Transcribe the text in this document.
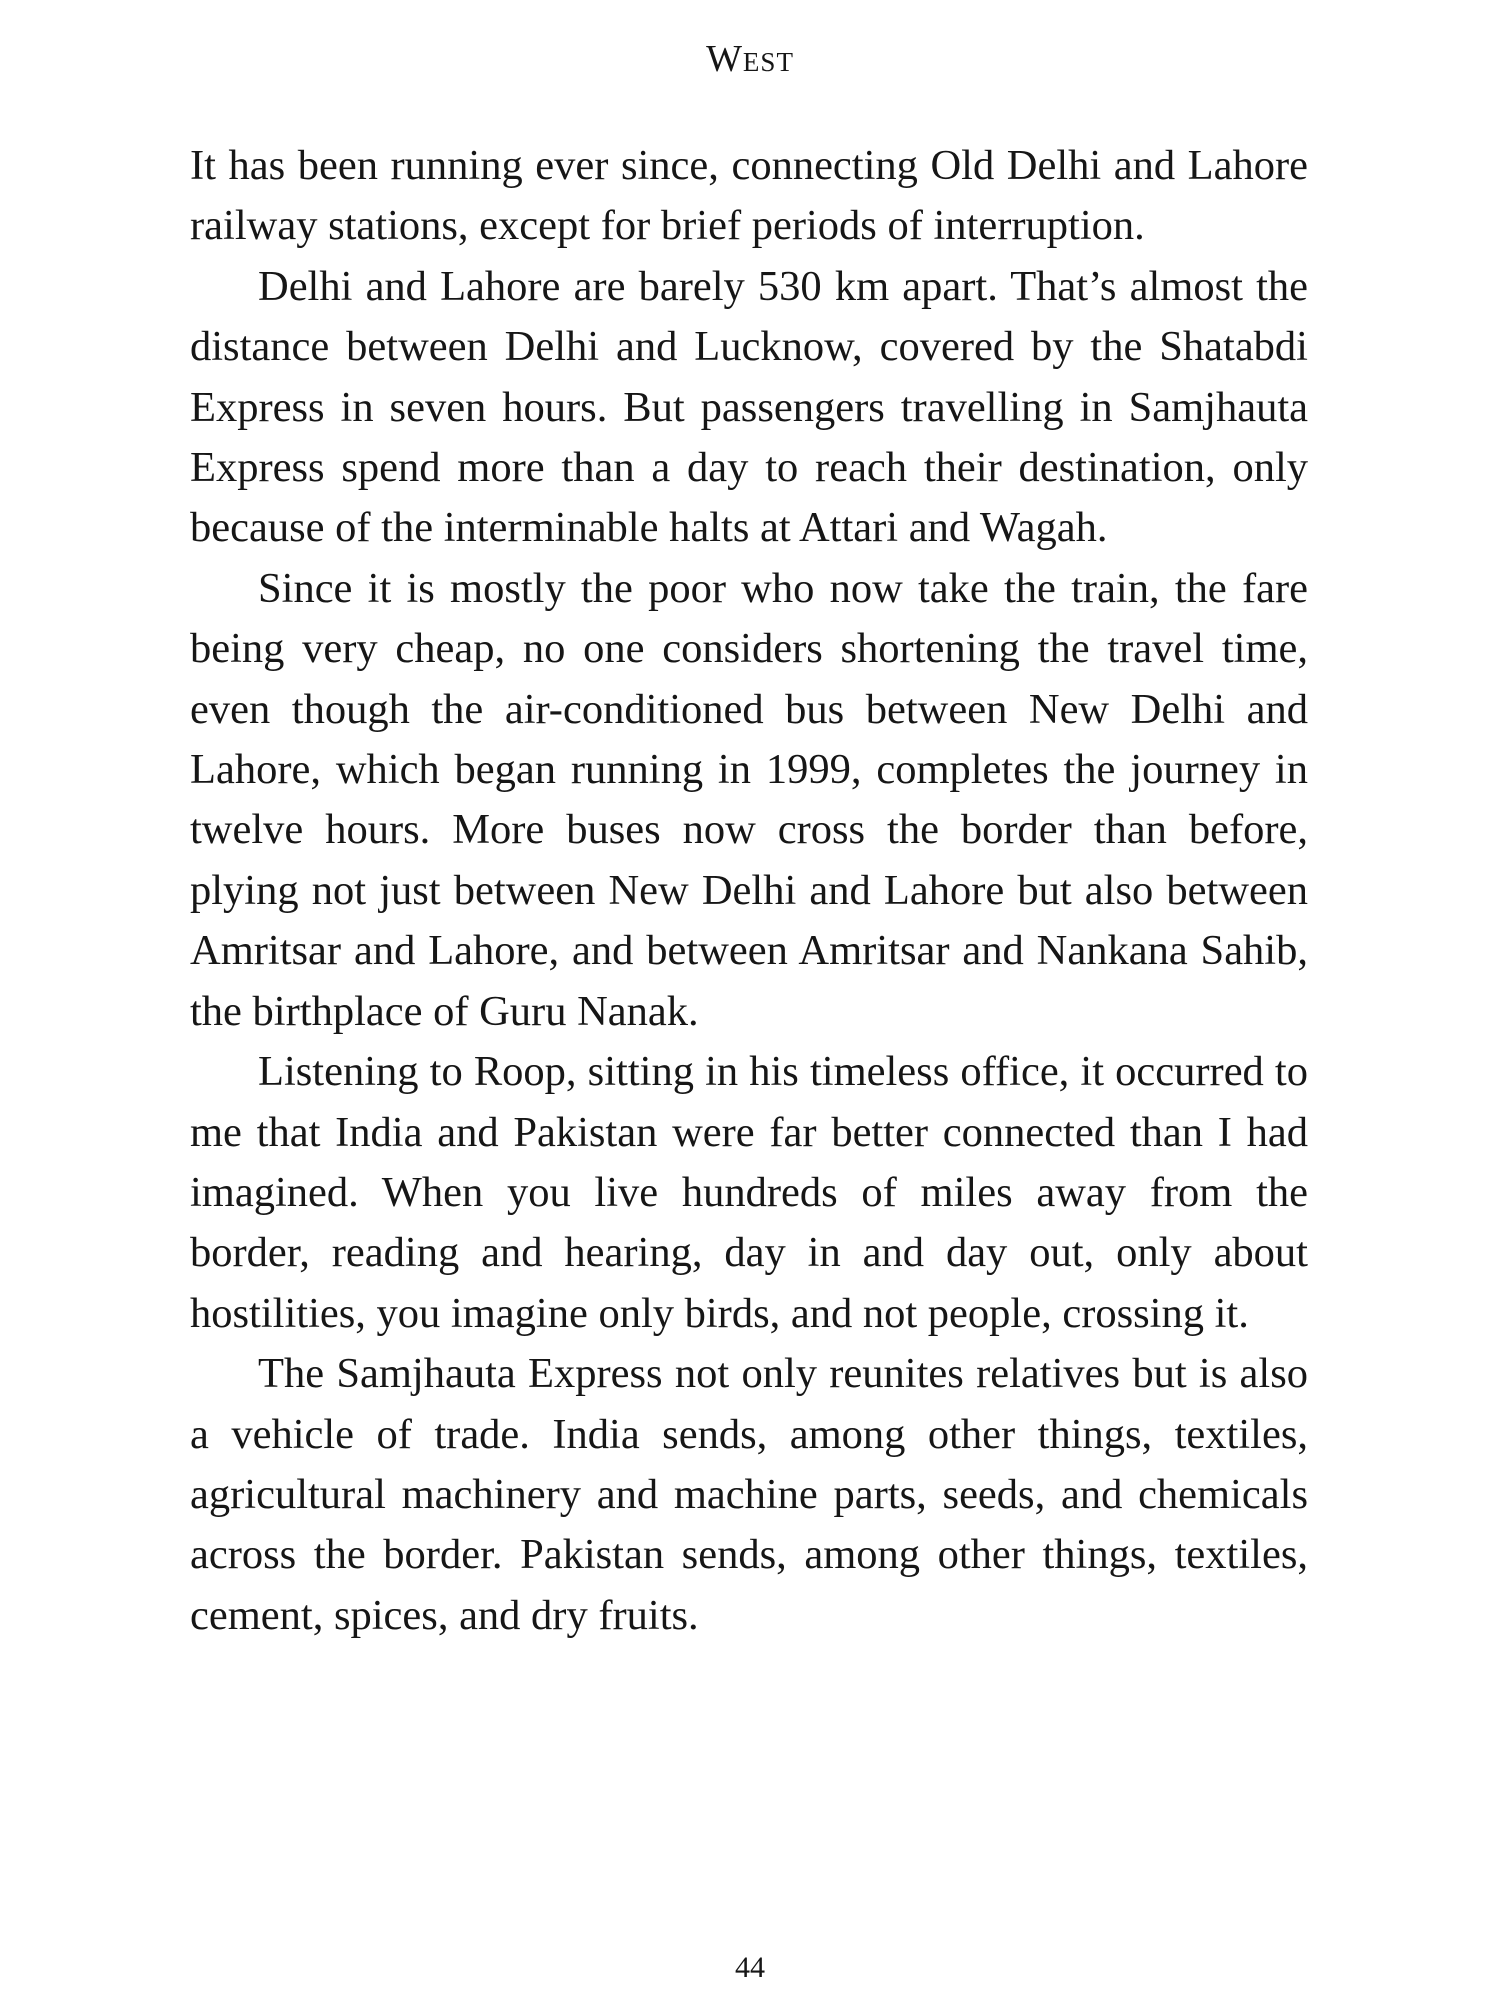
West

It has been running ever since, connecting Old Delhi and Lahore railway stations, except for brief periods of interruption.

Delhi and Lahore are barely 530 km apart. That’s almost the distance between Delhi and Lucknow, covered by the Shatabdi Express in seven hours. But passengers travelling in Samjhauta Express spend more than a day to reach their destination, only because of the interminable halts at Attari and Wagah.

Since it is mostly the poor who now take the train, the fare being very cheap, no one considers shortening the travel time, even though the air-conditioned bus between New Delhi and Lahore, which began running in 1999, completes the journey in twelve hours. More buses now cross the border than before, plying not just between New Delhi and Lahore but also between Amritsar and Lahore, and between Amritsar and Nankana Sahib, the birthplace of Guru Nanak.

Listening to Roop, sitting in his timeless office, it occurred to me that India and Pakistan were far better connected than I had imagined. When you live hundreds of miles away from the border, reading and hearing, day in and day out, only about hostilities, you imagine only birds, and not people, crossing it.

The Samjhauta Express not only reunites relatives but is also a vehicle of trade. India sends, among other things, textiles, agricultural machinery and machine parts, seeds, and chemicals across the border. Pakistan sends, among other things, textiles, cement, spices, and dry fruits.

44
